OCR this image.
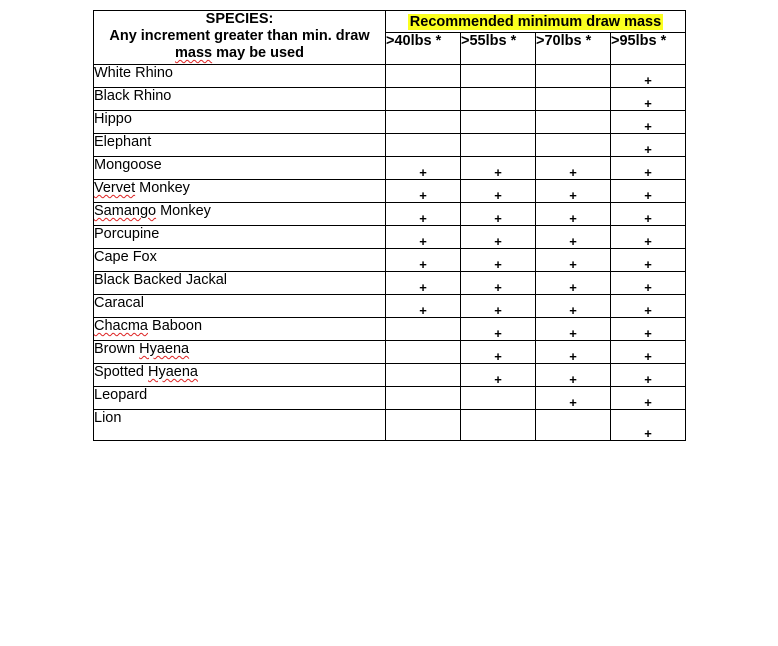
SPECIES:
Any increment greater than min. draw
mass may be used	Recommended minimum draw mass			
	>40lbs *	>55lbs *	>70lbs *	>95lbs *
White Rhino				+
Black Rhino				+
Hippo				+
Elephant				+
Mongoose	+	+	+	+
Vervet Monkey	+	+	+	+
Samango Monkey	+	+	+	+
Porcupine	+	+	+	+
Cape Fox	+	+	+	+
Black Backed Jackal	+	+	+	+
Caracal	+	+	+	+
Chacma Baboon		+	+	+
Brown Hyaena		+	+	+
Spotted Hyaena		+	+	+
Leopard			+	+
Lion				+
